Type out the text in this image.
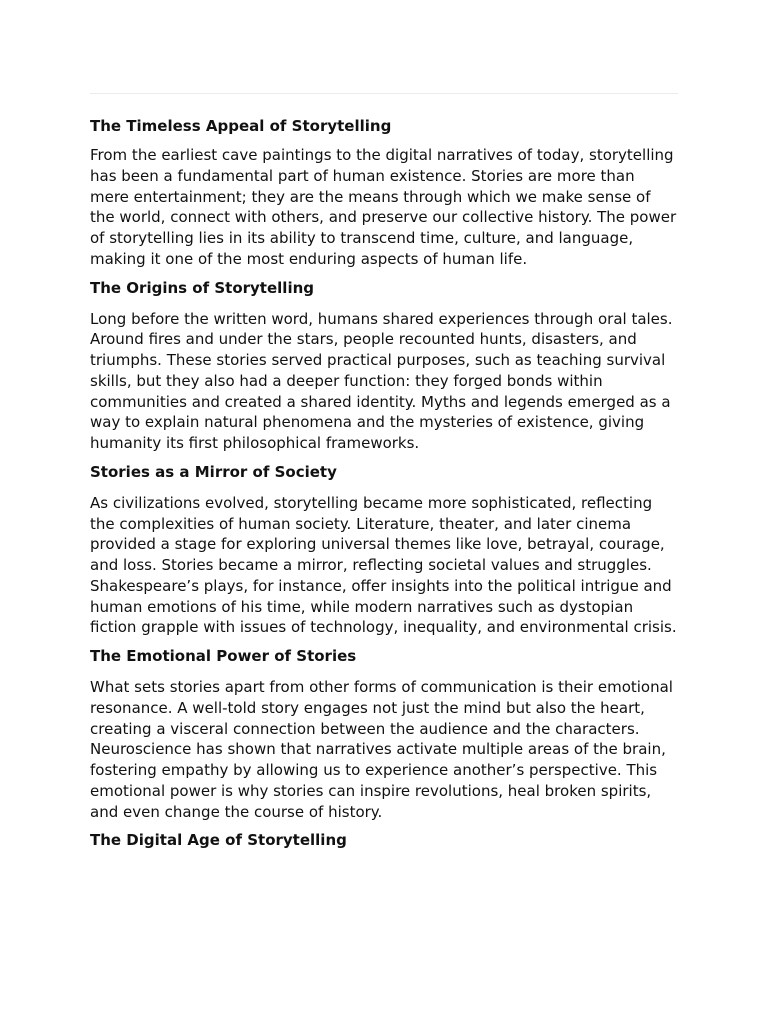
The Timeless Appeal of Storytelling

From the earliest cave paintings to the digital narratives of today, storytelling has been a fundamental part of human existence. Stories are more than mere entertainment; they are the means through which we make sense of the world, connect with others, and preserve our collective history. The power of storytelling lies in its ability to transcend time, culture, and language, making it one of the most enduring aspects of human life.

The Origins of Storytelling

Long before the written word, humans shared experiences through oral tales. Around fires and under the stars, people recounted hunts, disasters, and triumphs. These stories served practical purposes, such as teaching survival skills, but they also had a deeper function: they forged bonds within communities and created a shared identity. Myths and legends emerged as a way to explain natural phenomena and the mysteries of existence, giving humanity its first philosophical frameworks.

Stories as a Mirror of Society

As civilizations evolved, storytelling became more sophisticated, reflecting the complexities of human society. Literature, theater, and later cinema provided a stage for exploring universal themes like love, betrayal, courage, and loss. Stories became a mirror, reflecting societal values and struggles. Shakespeare’s plays, for instance, offer insights into the political intrigue and human emotions of his time, while modern narratives such as dystopian fiction grapple with issues of technology, inequality, and environmental crisis.

The Emotional Power of Stories

What sets stories apart from other forms of communication is their emotional resonance. A well-told story engages not just the mind but also the heart, creating a visceral connection between the audience and the characters. Neuroscience has shown that narratives activate multiple areas of the brain, fostering empathy by allowing us to experience another’s perspective. This emotional power is why stories can inspire revolutions, heal broken spirits, and even change the course of history.

The Digital Age of Storytelling
